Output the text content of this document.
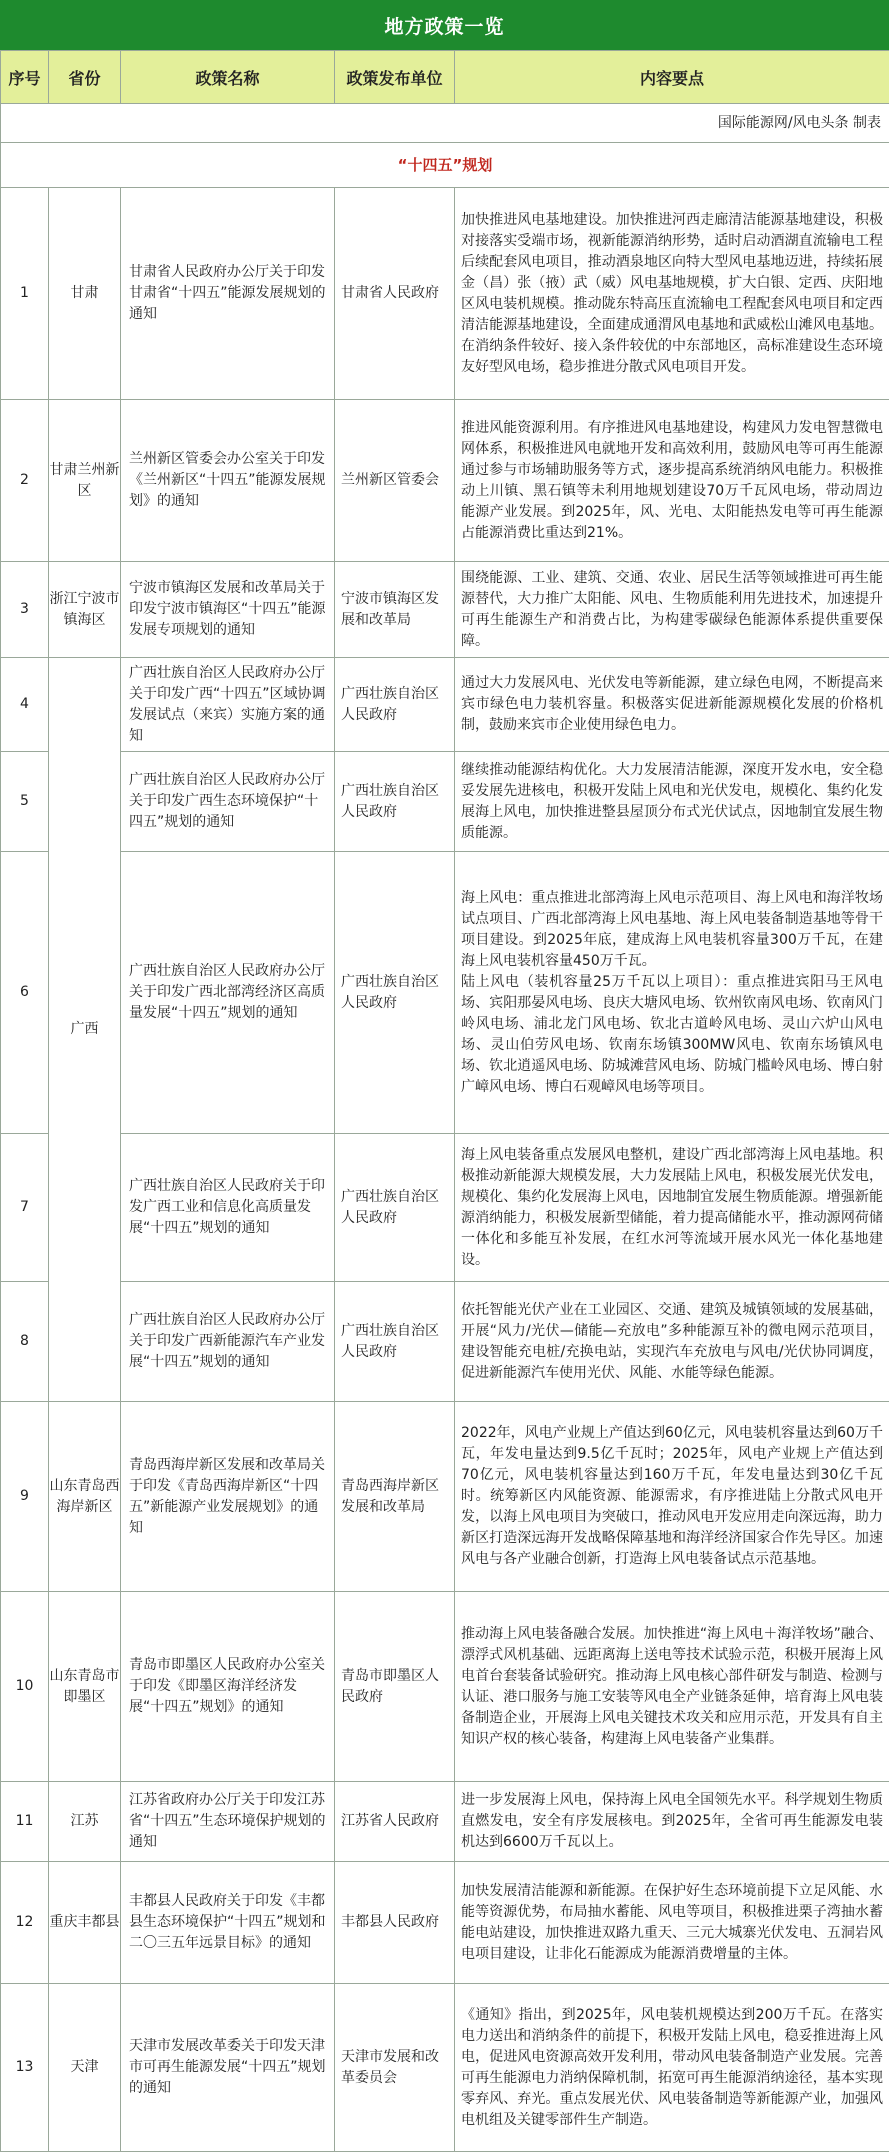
地方政策一览
序号	省份	政策名称	政策发布单位	内容要点
国际能源网/风电头条 制表				
“十四五”规划				
1	甘肃	甘肃省人民政府办公厅关于印发甘肃省“十四五”能源发展规划的通知	甘肃省人民政府	加快推进风电基地建设。加快推进河西走廊清洁能源基地建设，积极对接落实受端市场，视新能源消纳形势，适时启动酒湖直流输电工程后续配套风电项目，推动酒泉地区向特大型风电基地迈进，持续拓展金（昌）张（掖）武（威）风电基地规模，扩大白银、定西、庆阳地区风电装机规模。推动陇东特高压直流输电工程配套风电项目和定西清洁能源基地建设，全面建成通渭风电基地和武威松山滩风电基地。在消纳条件较好、接入条件较优的中东部地区，高标准建设生态环境友好型风电场，稳步推进分散式风电项目开发。
2	甘肃兰州新区	兰州新区管委会办公室关于印发《兰州新区“十四五”能源发展规划》的通知	兰州新区管委会	推进风能资源利用。有序推进风电基地建设，构建风力发电智慧微电网体系，积极推进风电就地开发和高效利用，鼓励风电等可再生能源通过参与市场辅助服务等方式，逐步提高系统消纳风电能力。积极推动上川镇、黑石镇等未利用地规划建设70万千瓦风电场，带动周边能源产业发展。到2025年，风、光电、太阳能热发电等可再生能源占能源消费比重达到21%。
3	浙江宁波市镇海区	宁波市镇海区发展和改革局关于印发宁波市镇海区“十四五”能源发展专项规划的通知	宁波市镇海区发展和改革局	围绕能源、工业、建筑、交通、农业、居民生活等领域推进可再生能源替代，大力推广太阳能、风电、生物质能利用先进技术，加速提升可再生能源生产和消费占比，为构建零碳绿色能源体系提供重要保障。
4	广西	广西壮族自治区人民政府办公厅关于印发广西“十四五”区域协调发展试点（来宾）实施方案的通知	广西壮族自治区人民政府	通过大力发展风电、光伏发电等新能源，建立绿色电网，不断提高来宾市绿色电力装机容量。积极落实促进新能源规模化发展的价格机制，鼓励来宾市企业使用绿色电力。
5		广西壮族自治区人民政府办公厅关于印发广西生态环境保护“十四五”规划的通知	广西壮族自治区人民政府	继续推动能源结构优化。大力发展清洁能源，深度开发水电，安全稳妥发展先进核电，积极开发陆上风电和光伏发电，规模化、集约化发展海上风电，加快推进整县屋顶分布式光伏试点，因地制宜发展生物质能源。
6		广西壮族自治区人民政府办公厅关于印发广西北部湾经济区高质量发展“十四五”规划的通知	广西壮族自治区人民政府	海上风电：重点推进北部湾海上风电示范项目、海上风电和海洋牧场试点项目、广西北部湾海上风电基地、海上风电装备制造基地等骨干项目建设。到2025年底，建成海上风电装机容量300万千瓦，在建海上风电装机容量450万千瓦。
陆上风电（装机容量25万千瓦以上项目）：重点推进宾阳马王风电场、宾阳那晏风电场、良庆大塘风电场、钦州钦南风电场、钦南风门岭风电场、浦北龙门风电场、钦北古道岭风电场、灵山六炉山风电场、灵山伯劳风电场、钦南东场镇300MW风电、钦南东场镇风电场、钦北逍遥风电场、防城滩营风电场、防城门槛岭风电场、博白射广嶂风电场、博白石观嶂风电场等项目。
7		广西壮族自治区人民政府关于印发广西工业和信息化高质量发展“十四五”规划的通知	广西壮族自治区人民政府	海上风电装备重点发展风电整机，建设广西北部湾海上风电基地。积极推动新能源大规模发展，大力发展陆上风电，积极发展光伏发电，规模化、集约化发展海上风电，因地制宜发展生物质能源。增强新能源消纳能力，积极发展新型储能，着力提高储能水平，推动源网荷储一体化和多能互补发展，在红水河等流域开展水风光一体化基地建设。
8		广西壮族自治区人民政府办公厅关于印发广西新能源汽车产业发展“十四五”规划的通知	广西壮族自治区人民政府	依托智能光伏产业在工业园区、交通、建筑及城镇领域的发展基础，开展“风力/光伏—储能—充放电”多种能源互补的微电网示范项目，建设智能充电桩/充换电站，实现汽车充放电与风电/光伏协同调度，促进新能源汽车使用光伏、风能、水能等绿色能源。
9	山东青岛西海岸新区	青岛西海岸新区发展和改革局关于印发《青岛西海岸新区“十四五”新能源产业发展规划》的通知	青岛西海岸新区发展和改革局	2022年，风电产业规上产值达到60亿元，风电装机容量达到60万千瓦，年发电量达到9.5亿千瓦时；2025年，风电产业规上产值达到70亿元，风电装机容量达到160万千瓦，年发电量达到30亿千瓦时。统筹新区内风能资源、能源需求，有序推进陆上分散式风电开发，以海上风电项目为突破口，推动风电开发应用走向深远海，助力新区打造深远海开发战略保障基地和海洋经济国家合作先导区。加速风电与各产业融合创新，打造海上风电装备试点示范基地。
10	山东青岛市即墨区	青岛市即墨区人民政府办公室关于印发《即墨区海洋经济发展“十四五”规划》的通知	青岛市即墨区人民政府	推动海上风电装备融合发展。加快推进“海上风电＋海洋牧场”融合、漂浮式风机基础、远距离海上送电等技术试验示范，积极开展海上风电首台套装备试验研究。推动海上风电核心部件研发与制造、检测与认证、港口服务与施工安装等风电全产业链条延伸，培育海上风电装备制造企业，开展海上风电关键技术攻关和应用示范，开发具有自主知识产权的核心装备，构建海上风电装备产业集群。
11	江苏	江苏省政府办公厅关于印发江苏省“十四五”生态环境保护规划的通知	江苏省人民政府	进一步发展海上风电，保持海上风电全国领先水平。科学规划生物质直燃发电，安全有序发展核电。到2025年，全省可再生能源发电装机达到6600万千瓦以上。
12	重庆丰都县	丰都县人民政府关于印发《丰都县生态环境保护“十四五”规划和二〇三五年远景目标》的通知	丰都县人民政府	加快发展清洁能源和新能源。在保护好生态环境前提下立足风能、水能等资源优势，布局抽水蓄能、风电等项目，积极推进栗子湾抽水蓄能电站建设，加快推进双路九重天、三元大城寨光伏发电、五洞岩风电项目建设，让非化石能源成为能源消费增量的主体。
13	天津	天津市发展改革委关于印发天津市可再生能源发展“十四五”规划的通知	天津市发展和改革委员会	《通知》指出，到2025年，风电装机规模达到200万千瓦。在落实电力送出和消纳条件的前提下，积极开发陆上风电，稳妥推进海上风电，促进风电资源高效开发利用，带动风电装备制造产业发展。完善可再生能源电力消纳保障机制，拓宽可再生能源消纳途径，基本实现零弃风、弃光。重点发展光伏、风电装备制造等新能源产业，加强风电机组及关键零部件生产制造。
